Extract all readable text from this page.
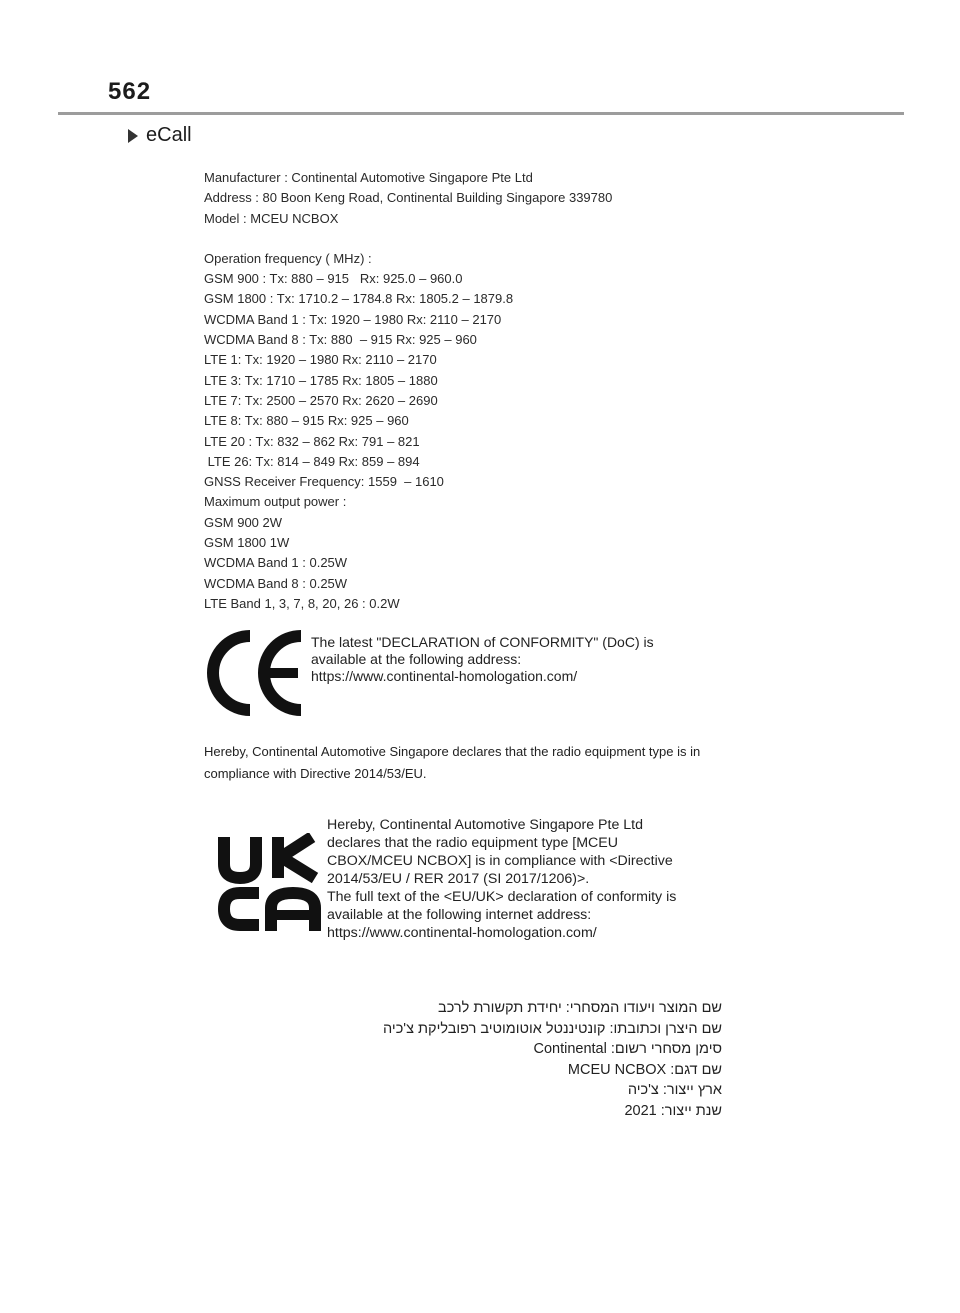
562
eCall
Manufacturer : Continental Automotive Singapore Pte Ltd
Address : 80 Boon Keng Road, Continental Building Singapore 339780
Model : MCEU NCBOX
Operation frequency ( MHz) :
GSM 900 : Tx: 880 – 915   Rx: 925.0 – 960.0
GSM 1800 : Tx: 1710.2 – 1784.8 Rx: 1805.2 – 1879.8
WCDMA Band 1 : Tx: 1920 – 1980 Rx: 2110 – 2170
WCDMA Band 8 : Tx: 880  – 915 Rx: 925 – 960
LTE 1: Tx: 1920 – 1980 Rx: 2110 – 2170
LTE 3: Tx: 1710 – 1785 Rx: 1805 – 1880
LTE 7: Tx: 2500 – 2570 Rx: 2620 – 2690
LTE 8: Tx: 880 – 915 Rx: 925 – 960
LTE 20 : Tx: 832 – 862 Rx: 791 – 821
LTE 26: Tx: 814 – 849 Rx: 859 – 894
GNSS Receiver Frequency: 1559  – 1610
Maximum output power :
GSM 900 2W
GSM 1800 1W
WCDMA Band 1 : 0.25W
WCDMA Band 8 : 0.25W
LTE Band 1, 3, 7, 8, 20, 26 : 0.2W
The latest "DECLARATION of CONFORMITY" (DoC) is
available at the following address:
https://www.continental-homologation.com/
Hereby, Continental Automotive Singapore declares that the radio equipment type is in compliance with Directive 2014/53/EU.
Hereby, Continental Automotive Singapore Pte Ltd
declares that the radio equipment type [MCEU
CBOX/MCEU NCBOX] is in compliance with <Directive
2014/53/EU / RER 2017 (SI 2017/1206)>.
The full text of the <EU/UK> declaration of conformity is
available at the following internet address:
https://www.continental-homologation.com/
שם המוצר ויעודו המסחרי: יחידת תקשורת לרכב
שם היצרן וכתובתו: קונטיננטל אוטומוטיב רפובליקת צ'כיה
סימן מסחרי רשום: Continental
שם דגם: MCEU NCBOX
ארץ ייצור: צ'כיה
שנת ייצור: 2021
